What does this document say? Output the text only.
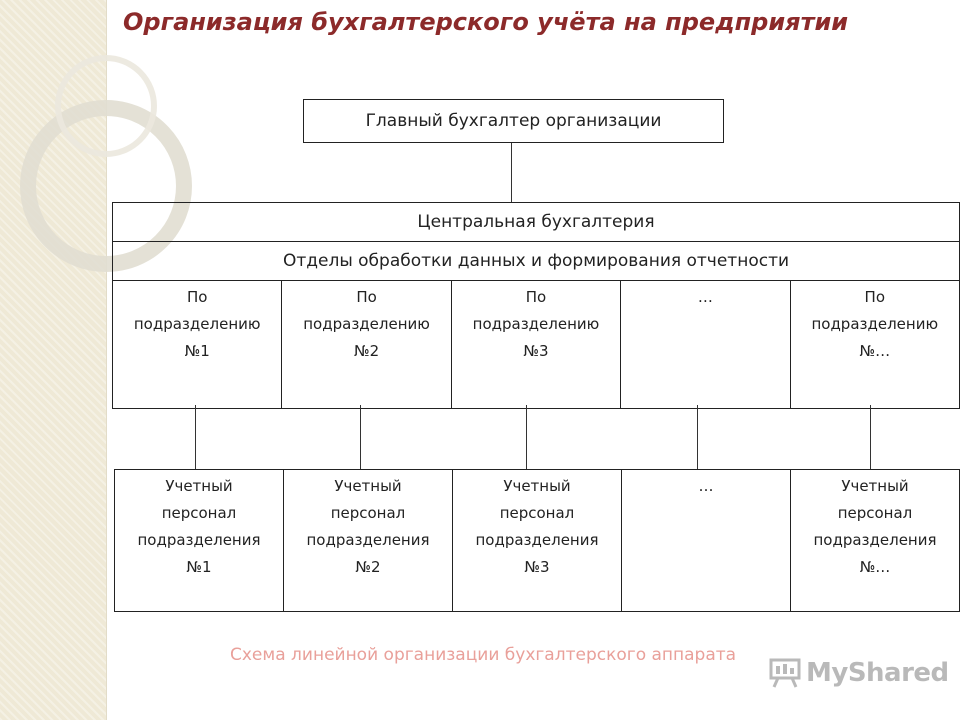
Организация бухгалтерского учёта на предприятии
Главный бухгалтер организации
Центральная бухгалтерия
Отделы обработки данных и формирования отчетности

По
подразделению
№1

По
подразделению
№2

По
подразделению
№3

…	По
подразделению
№…
Учетный
персонал
подразделения
№1

Учетный
персонал
подразделения
№2

Учетный
персонал
подразделения
№3

…	Учетный
персонал
подразделения
№…
Схема линейной организации бухгалтерского аппарата
MyShared
